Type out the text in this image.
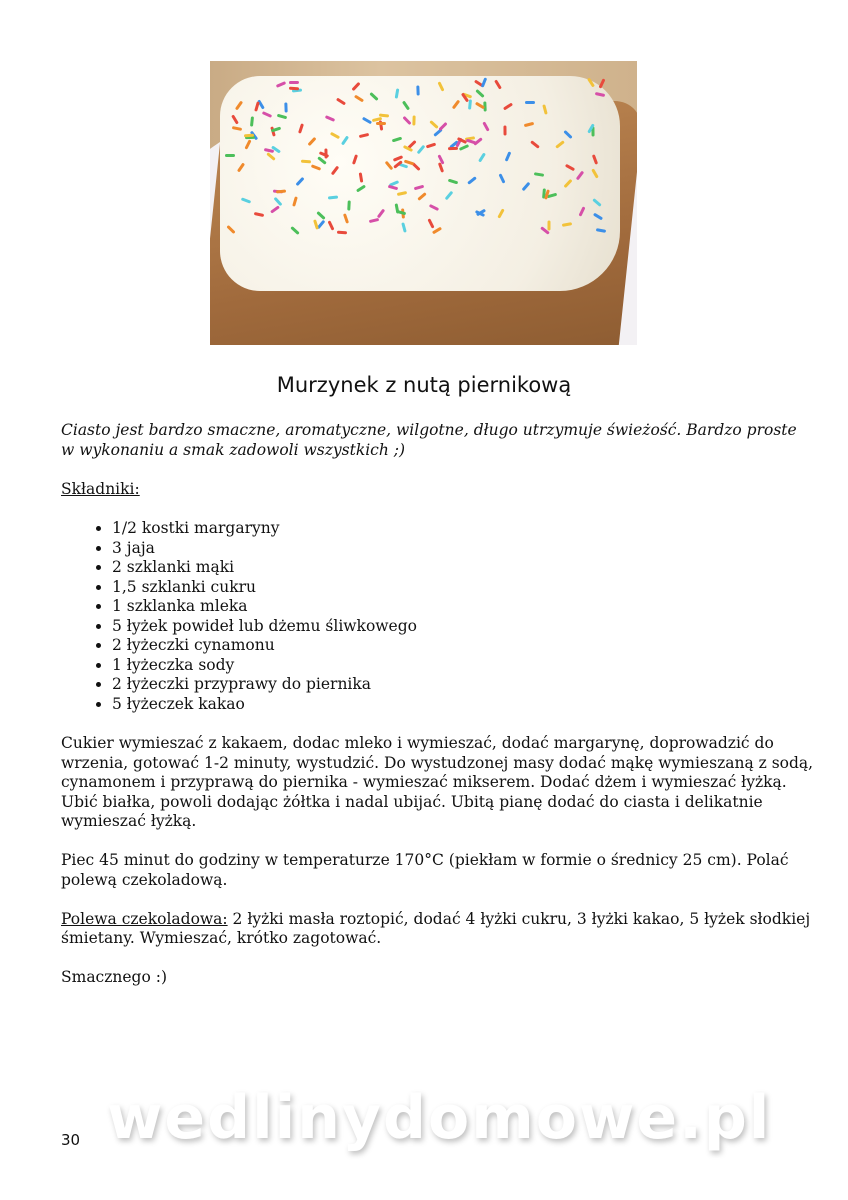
Murzynek z nutą piernikową
Ciasto jest bardzo smaczne, aromatyczne, wilgotne, długo utrzymuje świeżość. Bardzo proste
w wykonaniu a smak zadowoli wszystkich ;)
Składniki:
• 1/2 kostki margaryny
• 3 jaja
• 2 szklanki mąki
• 1,5 szklanki cukru
• 1 szklanka mleka
• 5 łyżek powideł lub dżemu śliwkowego
• 2 łyżeczki cynamonu
• 1 łyżeczka sody
• 2 łyżeczki przyprawy do piernika
• 5 łyżeczek kakao
Cukier wymieszać z kakaem, dodac mleko i wymieszać, dodać margarynę, doprowadzić do
wrzenia, gotować 1-2 minuty, wystudzić. Do wystudzonej masy dodać mąkę wymieszaną z sodą,
cynamonem i przyprawą do piernika - wymieszać mikserem. Dodać dżem i wymieszać łyżką.
Ubić białka, powoli dodając żółtka i nadal ubijać. Ubitą pianę dodać do ciasta i delikatnie
wymieszać łyżką.
Piec 45 minut do godziny w temperaturze 170°C (piekłam w formie o średnicy 25 cm). Polać
polewą czekoladową.
Polewa czekoladowa: 2 łyżki masła roztopić, dodać 4 łyżki cukru, 3 łyżki kakao, 5 łyżek słodkiej
śmietany. Wymieszać, krótko zagotować.
Smacznego :)
wedlinydomowe.pl
30
